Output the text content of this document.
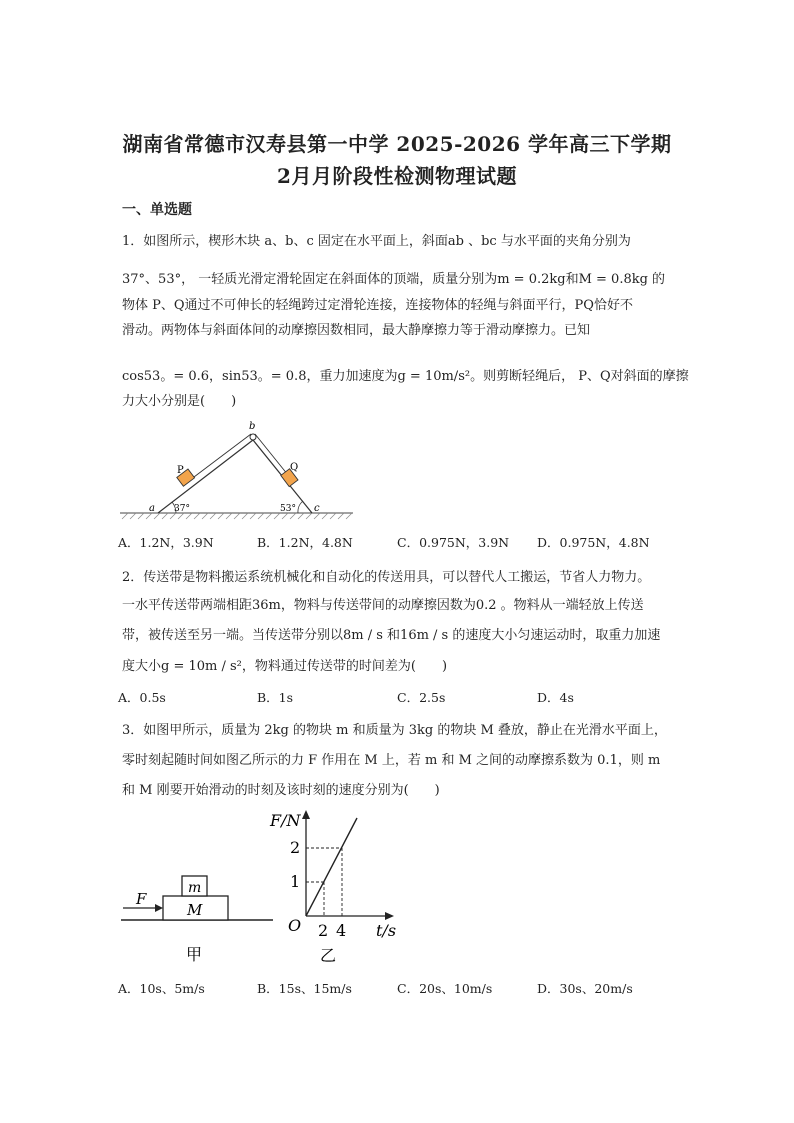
湖南省常德市汉寿县第一中学 2025-2026 学年高三下学期
2月月阶段性检测物理试题
一、单选题
1．如图所示，楔形木块 a、b、c 固定在水平面上，斜面ab 、bc 与水平面的夹角分别为
37°、53°， 一轻质光滑定滑轮固定在斜面体的顶端，质量分别为m = 0.2kg和M = 0.8kg 的
物体 P、Q通过不可伸长的轻绳跨过定滑轮连接，连接物体的轻绳与斜面平行，PQ恰好不
滑动。两物体与斜面体间的动摩擦因数相同，最大静摩擦力等于滑动摩擦力。已知
cos53。= 0.6，sin53。= 0.8，重力加速度为g = 10m/s²。则剪断轻绳后， P、Q对斜面的摩擦
力大小分别是(　　)
a
b
c
P	Q
37°	53°
A．1.2N，3.9N	B．1.2N，4.8N	C．0.975N，3.9N D．0.975N，4.8N
2．传送带是物料搬运系统机械化和自动化的传送用具，可以替代人工搬运，节省人力物力。
一水平传送带两端相距36m，物料与传送带间的动摩擦因数为0.2 。物料从一端轻放上传送
带，被传送至另一端。当传送带分别以8m / s 和16m / s 的速度大小匀速运动时，取重力加速
度大小g = 10m / s²，物料通过传送带的时间差为(　　)
A．0.5s	B．1s	C．2.5s	D．4s
3．如图甲所示，质量为 2kg 的物块 m 和质量为 3kg 的物块 M 叠放，静止在光滑水平面上，
零时刻起随时间如图乙所示的力 F 作用在 M 上，若 m 和 M 之间的动摩擦系数为 0.1，则 m
和 M 刚要开始滑动的时刻及该时刻的速度分别为(　　)
F
m
M
甲
F/N
1
2
O 2 4 t/s
乙
A．10s、5m/s	B．15s、15m/s	C．20s、10m/s	D．30s、20m/s
